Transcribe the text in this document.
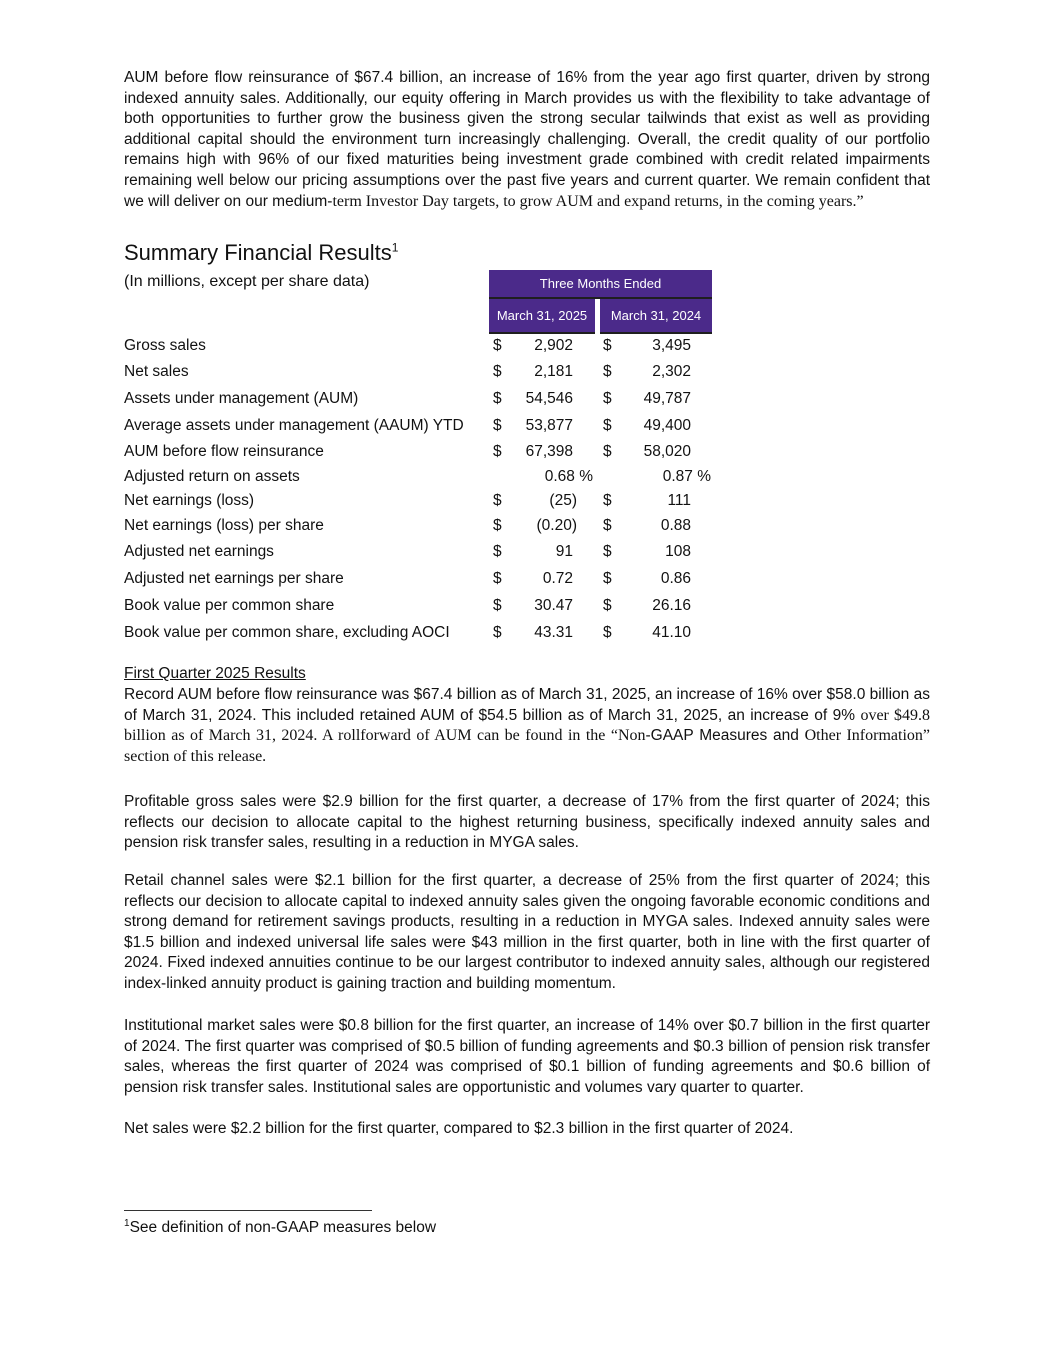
AUM before flow reinsurance of $67.4 billion, an increase of 16% from the year ago first quarter, driven by strong indexed annuity sales. Additionally, our equity offering in March provides us with the flexibility to take advantage of both opportunities to further grow the business given the strong secular tailwinds that exist as well as providing additional capital should the environment turn increasingly challenging. Overall, the credit quality of our portfolio remains high with 96% of our fixed maturities being investment grade combined with credit related impairments remaining well below our pricing assumptions over the past five years and current quarter. We remain confident that we will deliver on our medium-term Investor Day targets, to grow AUM and expand returns, in the coming years.”

Summary Financial Results$^1$
(In millions, except per share data)	Three Months Ended
March 31, 2025	March 31, 2024
Gross sales	$	2,902 $	3,495
Net sales	$	2,181 $	2,302
Assets under management (AUM)	$	54,546 $	49,787
Average assets under management (AAUM) YTD $	53,877 $	49,400
AUM before flow reinsurance	$	67,398 $	58,020
Adjusted return on assets	0.68 %	0.87 %
Net earnings (loss)	$	(25) $	111
Net earnings (loss) per share	$	(0.20) $	0.88
Adjusted net earnings	$	91 $	108
Adjusted net earnings per share	$	0.72 $	0.86
Book value per common share	$	30.47 $	26.16
Book value per common share, excluding AOCI	$	43.31 $	41.10
First Quarter 2025 Results

Record AUM before flow reinsurance was $67.4 billion as of March 31, 2025, an increase of 16% over $58.0 billion as of March 31, 2024. This included retained AUM of $54.5 billion as of March 31, 2025, an increase of 9% over $49.8 billion as of March 31, 2024. A rollforward of AUM can be found in the “Non-GAAP Measures and Other Information” section of this release.

Profitable gross sales were $2.9 billion for the first quarter, a decrease of 17% from the first quarter of 2024; this reflects our decision to allocate capital to the highest returning business, specifically indexed annuity sales and pension risk transfer sales, resulting in a reduction in MYGA sales.

Retail channel sales were $2.1 billion for the first quarter, a decrease of 25% from the first quarter of 2024; this reflects our decision to allocate capital to indexed annuity sales given the ongoing favorable economic conditions and strong demand for retirement savings products, resulting in a reduction in MYGA sales. Indexed annuity sales were $1.5 billion and indexed universal life sales were $43 million in the first quarter, both in line with the first quarter of 2024. Fixed indexed annuities continue to be our largest contributor to indexed annuity sales, although our registered index-linked annuity product is gaining traction and building momentum.

Institutional market sales were $0.8 billion for the first quarter, an increase of 14% over $0.7 billion in the first quarter of 2024. The first quarter was comprised of $0.5 billion of funding agreements and $0.3 billion of pension risk transfer sales, whereas the first quarter of 2024 was comprised of $0.1 billion of funding agreements and $0.6 billion of pension risk transfer sales. Institutional sales are opportunistic and volumes vary quarter to quarter.

Net sales were $2.2 billion for the first quarter, compared to $2.3 billion in the first quarter of 2024.

$^1$See definition of non-GAAP measures below
